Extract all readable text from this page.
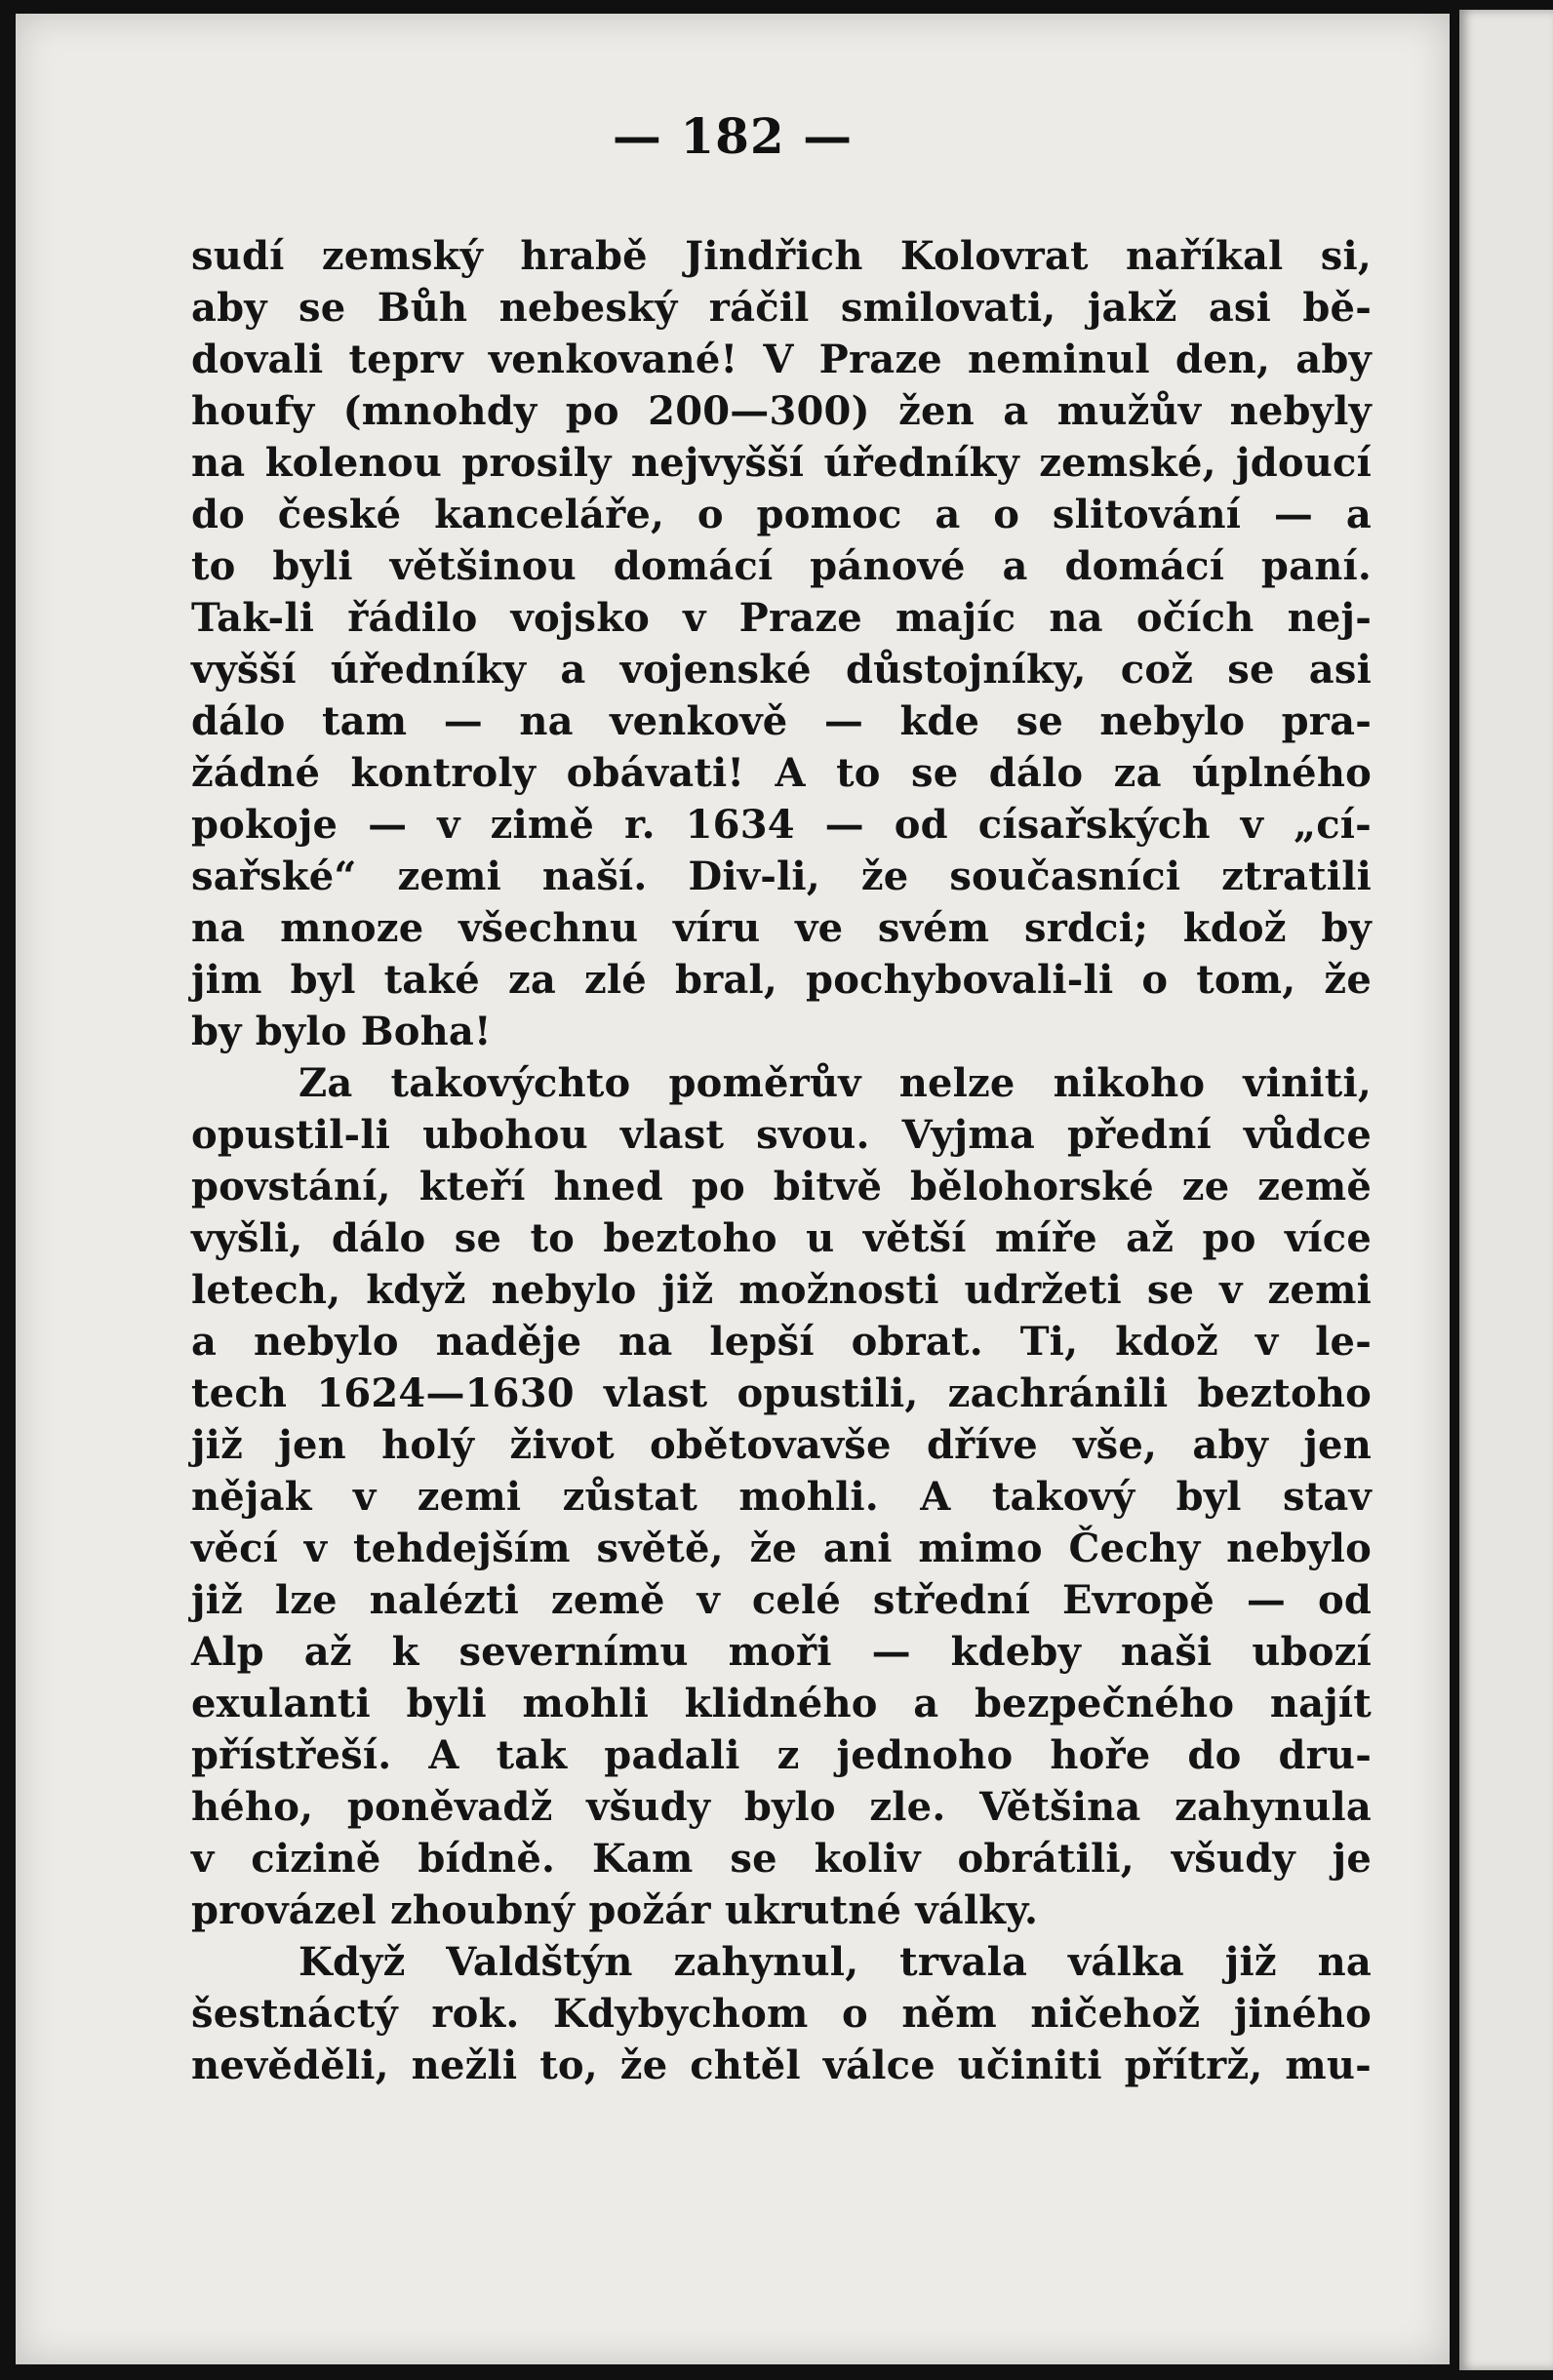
— 182 —

sudí zemský hrabě Jindřich Kolovrat naříkal si,
aby se Bůh nebeský ráčil smilovati, jakž asi bě-
dovali teprv venkované! V Praze neminul den, aby
houfy (mnohdy po 200—300) žen a mužův nebyly
na kolenou prosily nejvyšší úředníky zemské, jdoucí
do české kanceláře, o pomoc a o slitování — a
to byli většinou domácí pánové a domácí paní.
Tak-li řádilo vojsko v Praze majíc na očích nej-
vyšší úředníky a vojenské důstojníky, což se asi
dálo tam — na venkově — kde se nebylo pra-
žádné kontroly obávati! A to se dálo za úplného
pokoje — v zimě r. 1634 — od císařských v „cí-
sařské“ zemi naší. Div-li, že současníci ztratili
na mnoze všechnu víru ve svém srdci; kdož by
jim byl také za zlé bral, pochybovali-li o tom, že
by bylo Boha!
Za takovýchto poměrův nelze nikoho viniti,
opustil-li ubohou vlast svou. Vyjma přední vůdce
povstání, kteří hned po bitvě bělohorské ze země
vyšli, dálo se to beztoho u větší míře až po více
letech, když nebylo již možnosti udržeti se v zemi
a nebylo naděje na lepší obrat. Ti, kdož v le-
tech 1624—1630 vlast opustili, zachránili beztoho
již jen holý život obětovavše dříve vše, aby jen
nějak v zemi zůstat mohli. A takový byl stav
věcí v tehdejším světě, že ani mimo Čechy nebylo
již lze nalézti země v celé střední Evropě — od
Alp až k severnímu moři — kdeby naši ubozí
exulanti byli mohli klidného a bezpečného najít
přístřeší. A tak padali z jednoho hoře do dru-
hého, poněvadž všudy bylo zle. Většina zahynula
v cizině bídně. Kam se koliv obrátili, všudy je
provázel zhoubný požár ukrutné války.
Když Valdštýn zahynul, trvala válka již na
šestnáctý rok. Kdybychom o něm ničehož jiného
nevěděli, nežli to, že chtěl válce učiniti přítrž, mu-
